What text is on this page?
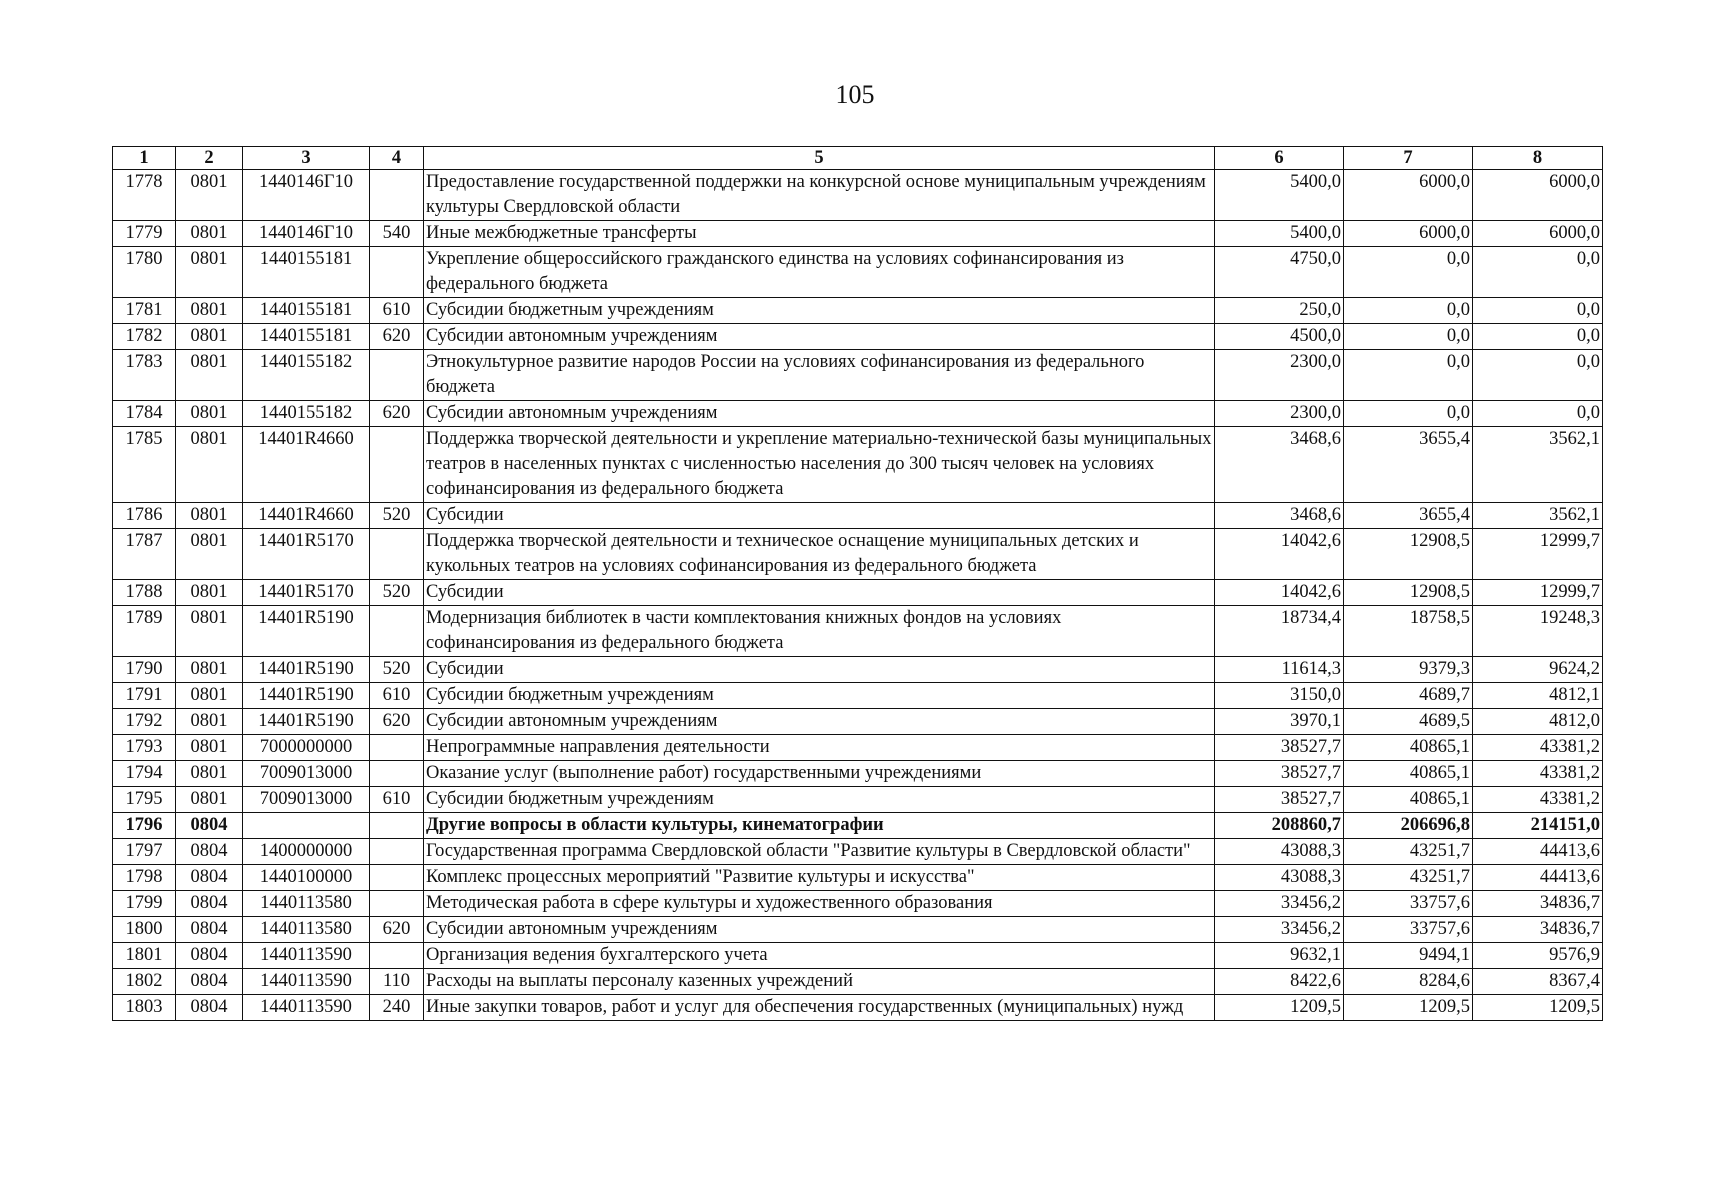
105
1	2	3	4	5	6	7	8
1778	0801	1440146Г10		Предоставление государственной поддержки на конкурсной основе муниципальным учреждениям культуры Свердловской области	5400,0	6000,0	6000,0
1779	0801	1440146Г10	540	Иные межбюджетные трансферты	5400,0	6000,0	6000,0
1780	0801	1440155181		Укрепление общероссийского гражданского единства на условиях софинансирования из федерального бюджета	4750,0	0,0	0,0
1781	0801	1440155181	610	Субсидии бюджетным учреждениям	250,0	0,0	0,0
1782	0801	1440155181	620	Субсидии автономным учреждениям	4500,0	0,0	0,0
1783	0801	1440155182		Этнокультурное развитие народов России на условиях софинансирования из федерального бюджета	2300,0	0,0	0,0
1784	0801	1440155182	620	Субсидии автономным учреждениям	2300,0	0,0	0,0
1785	0801	14401R4660		Поддержка творческой деятельности и укрепление материально-технической базы муниципальных театров в населенных пунктах с численностью населения до 300 тысяч человек на условиях софинансирования из федерального бюджета	3468,6	3655,4	3562,1
1786	0801	14401R4660	520	Субсидии	3468,6	3655,4	3562,1
1787	0801	14401R5170		Поддержка творческой деятельности и техническое оснащение муниципальных детских и кукольных театров на условиях софинансирования из федерального бюджета	14042,6	12908,5	12999,7
1788	0801	14401R5170	520	Субсидии	14042,6	12908,5	12999,7
1789	0801	14401R5190		Модернизация библиотек в части комплектования книжных фондов на условиях софинансирования из федерального бюджета	18734,4	18758,5	19248,3
1790	0801	14401R5190	520	Субсидии	11614,3	9379,3	9624,2
1791	0801	14401R5190	610	Субсидии бюджетным учреждениям	3150,0	4689,7	4812,1
1792	0801	14401R5190	620	Субсидии автономным учреждениям	3970,1	4689,5	4812,0
1793	0801	7000000000		Непрограммные направления деятельности	38527,7	40865,1	43381,2
1794	0801	7009013000		Оказание услуг (выполнение работ) государственными учреждениями	38527,7	40865,1	43381,2
1795	0801	7009013000	610	Субсидии бюджетным учреждениям	38527,7	40865,1	43381,2
1796	0804			Другие вопросы в области культуры, кинематографии	208860,7	206696,8	214151,0
1797	0804	1400000000		Государственная программа Свердловской области "Развитие культуры в Свердловской области"	43088,3	43251,7	44413,6
1798	0804	1440100000		Комплекс процессных мероприятий "Развитие культуры и искусства"	43088,3	43251,7	44413,6
1799	0804	1440113580		Методическая работа в сфере культуры и художественного образования	33456,2	33757,6	34836,7
1800	0804	1440113580	620	Субсидии автономным учреждениям	33456,2	33757,6	34836,7
1801	0804	1440113590		Организация ведения бухгалтерского учета	9632,1	9494,1	9576,9
1802	0804	1440113590	110	Расходы на выплаты персоналу казенных учреждений	8422,6	8284,6	8367,4
1803	0804	1440113590	240	Иные закупки товаров, работ и услуг для обеспечения государственных (муниципальных) нужд	1209,5	1209,5	1209,5
